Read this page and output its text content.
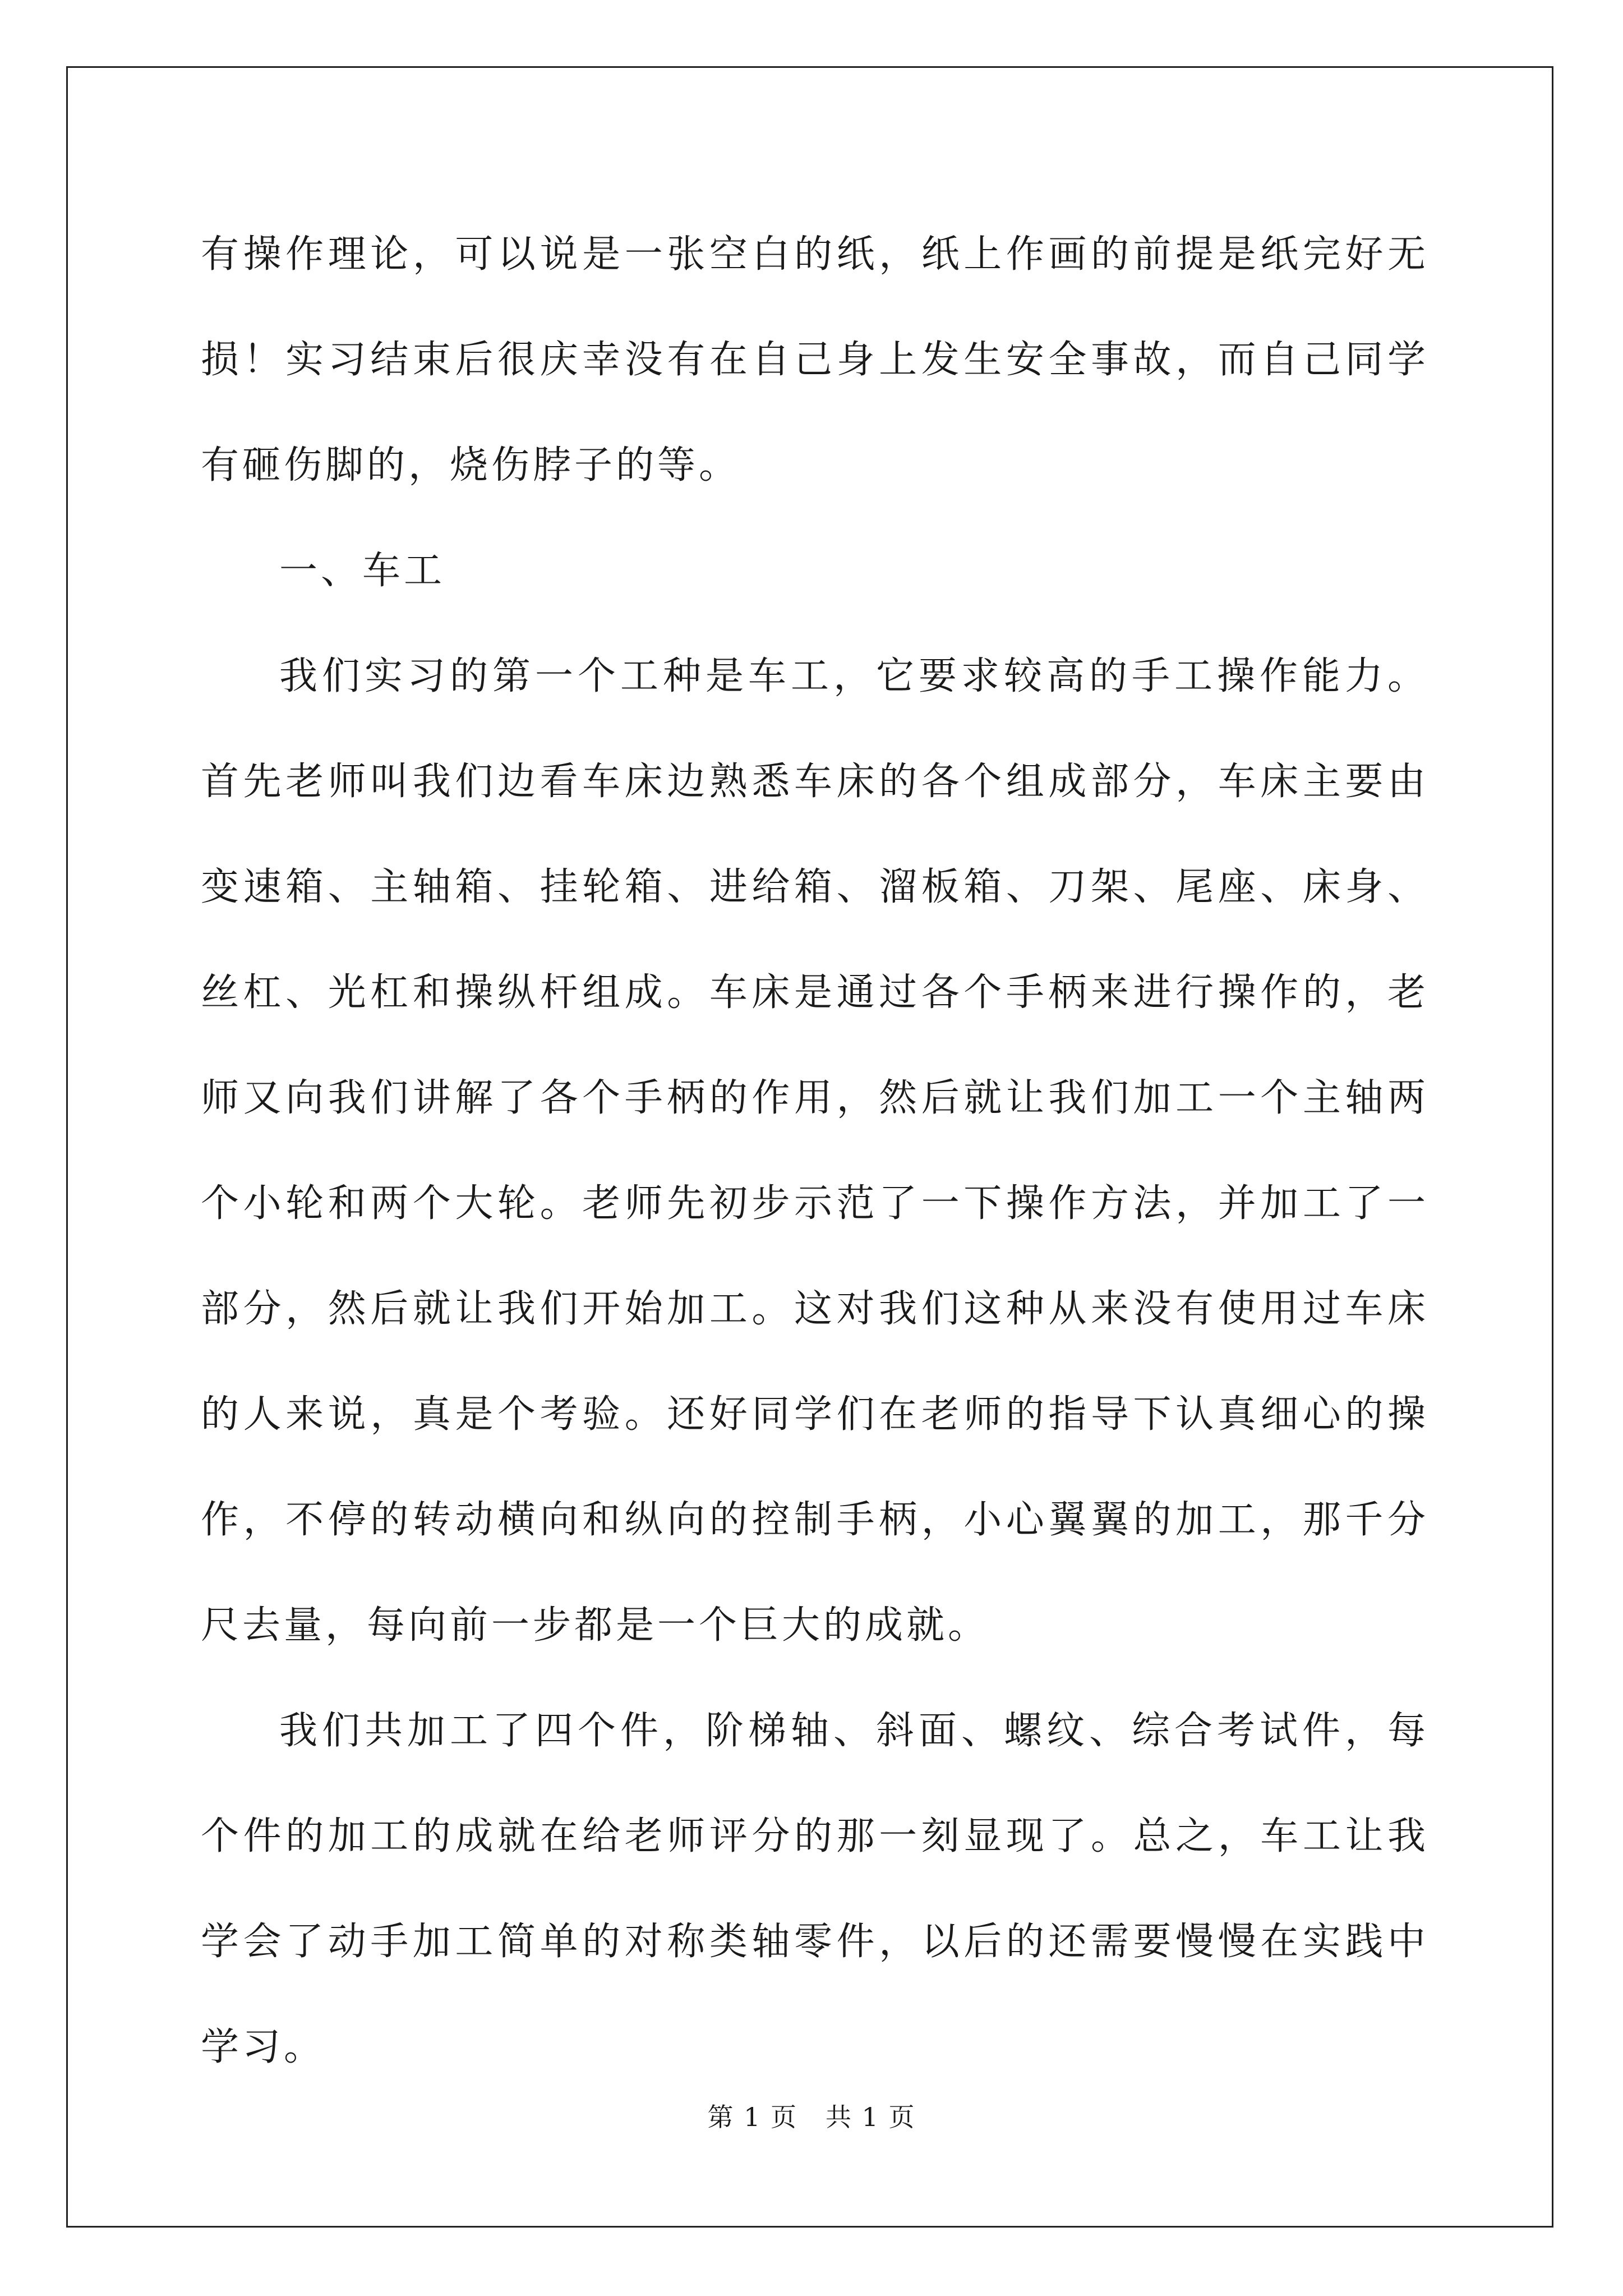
有操作理论，可以说是一张空白的纸，纸上作画的前提是纸完好无损！实习结束后很庆幸没有在自己身上发生安全事故，而自己同学有砸伤脚的，烧伤脖子的等。

一、车工

我们实习的第一个工种是车工，它要求较高的手工操作能力。首先老师叫我们边看车床边熟悉车床的各个组成部分，车床主要由变速箱、主轴箱、挂轮箱、进给箱、溜板箱、刀架、尾座、床身、丝杠、光杠和操纵杆组成。车床是通过各个手柄来进行操作的，老师又向我们讲解了各个手柄的作用，然后就让我们加工一个主轴两个小轮和两个大轮。老师先初步示范了一下操作方法，并加工了一部分，然后就让我们开始加工。这对我们这种从来没有使用过车床的人来说，真是个考验。还好同学们在老师的指导下认真细心的操作，不停的转动横向和纵向的控制手柄，小心翼翼的加工，那千分尺去量，每向前一步都是一个巨大的成就。

我们共加工了四个件，阶梯轴、斜面、螺纹、综合考试件，每个件的加工的成就在给老师评分的那一刻显现了。总之，车工让我学会了动手加工简单的对称类轴零件，以后的还需要慢慢在实践中学习。

第 1 页 共 1 页
